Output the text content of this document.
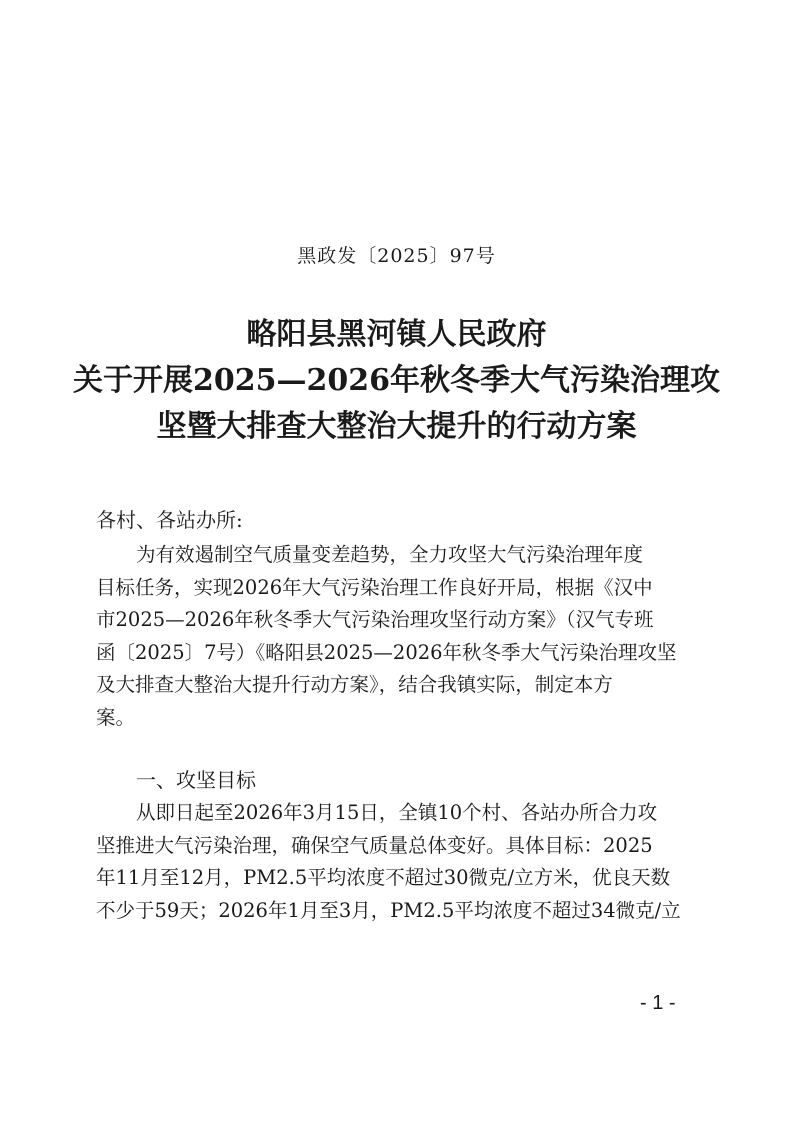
黑政发〔2025〕97号
略阳县黑河镇人民政府
关于开展2025—2026年秋冬季大气污染治理攻
坚暨大排查大整治大提升的行动方案
各村、各站办所:
为有效遏制空气质量变差趋势，全力攻坚大气污染治理年度
目标任务，实现2026年大气污染治理工作良好开局，根据《汉中
市2025—2026年秋冬季大气污染治理攻坚行动方案》（汉气专班
函〔2025〕7号）《略阳县2025—2026年秋冬季大气污染治理攻坚
及大排查大整治大提升行动方案》，结合我镇实际，制定本方
案。
一、攻坚目标
从即日起至2026年3月15日，全镇10个村、各站办所合力攻
坚推进大气污染治理，确保空气质量总体变好。具体目标：2025
年11月至12月，PM2.5平均浓度不超过30微克/立方米，优良天数
不少于59天；2026年1月至3月，PM2.5平均浓度不超过34微克/立
- 1 -
